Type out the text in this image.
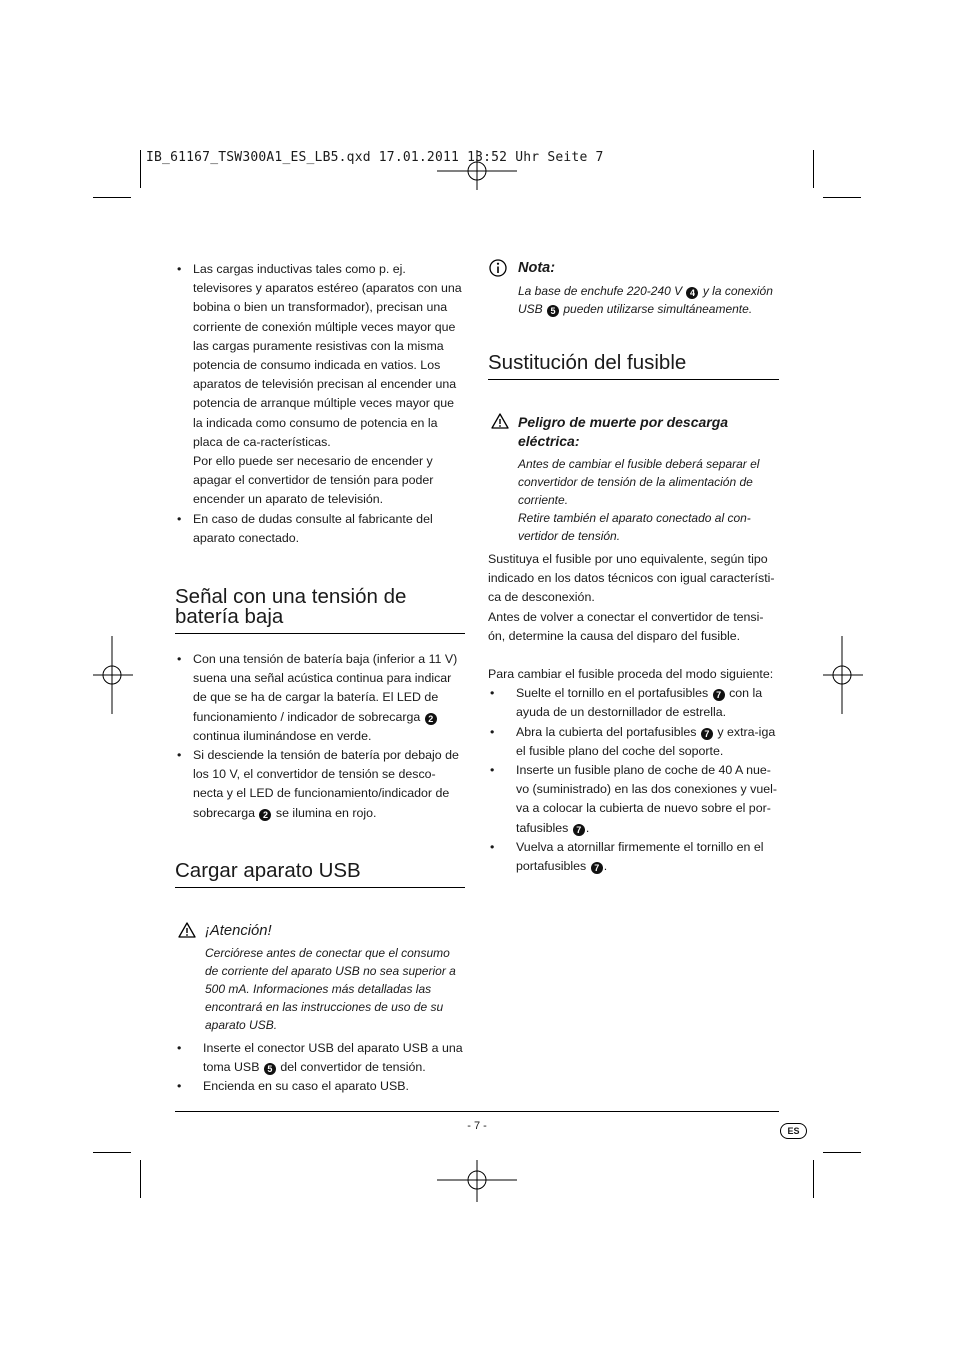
IB_61167_TSW300A1_ES_LB5.qxd 17.01.2011 13:52 Uhr Seite 7
• Las cargas inductivas tales como p. ej. televisores y aparatos estéreo (aparatos con una bobina o bien un transformador), precisan una corriente de conexión múltiple veces mayor que las cargas puramente resistivas con la misma potencia de consumo indicada en vatios. Los aparatos de televisión precisan al encender una potencia de arranque múltiple veces mayor que la indicada como consumo de potencia en la placa de ca-racterísticas.
Por ello puede ser necesario de encender y apagar el convertidor de tensión para poder encender un aparato de televisión.
• En caso de dudas consulte al fabricante del aparato conectado.
Señal con una tensión de
batería baja
• Con una tensión de batería baja (inferior a 11 V) suena una señal acústica continua para indicar de que se ha de cargar la batería. El LED de funcionamiento / indicador de sobrecarga 2 continua iluminándose en verde.
• Si desciende la tensión de batería por debajo de los 10 V, el convertidor de tensión se desco-necta y el LED de funcionamiento/indicador de sobrecarga 2 se ilumina en rojo.
Cargar aparato USB
¡Atención!
Cerciórese antes de conectar que el consumo de corriente del aparato USB no sea superior a 500 mA. Informaciones más detalladas las encontrará en las instrucciones de uso de su aparato USB.
• Inserte el conector USB del aparato USB a una toma USB 5 del convertidor de tensión.
• Encienda en su caso el aparato USB.
Nota:
La base de enchufe 220-240 V 4 y la conexión USB 5 pueden utilizarse simultáneamente.
Sustitución del fusible
Peligro de muerte por descarga eléctrica:
Antes de cambiar el fusible deberá separar el convertidor de tensión de la alimentación de corriente.
Retire también el aparato conectado al con-vertidor de tensión.

Sustituya el fusible por uno equivalente, según tipo indicado en los datos técnicos con igual característi-ca de desconexión.

Antes de volver a conectar el convertidor de tensi-ón, determine la causa del disparo del fusible.

Para cambiar el fusible proceda del modo siguiente:

• Suelte el tornillo en el portafusibles 7 con la ayuda de un destornillador de estrella.
• Abra la cubierta del portafusibles 7 y extra-iga el fusible plano del coche del soporte.
• Inserte un fusible plano de coche de 40 A nue-vo (suministrado) en las dos conexiones y vuel-va a colocar la cubierta de nuevo sobre el por-tafusibles 7 .
• Vuelva a atornillar firmemente el tornillo en el portafusibles 7 .
- 7 -	ES
